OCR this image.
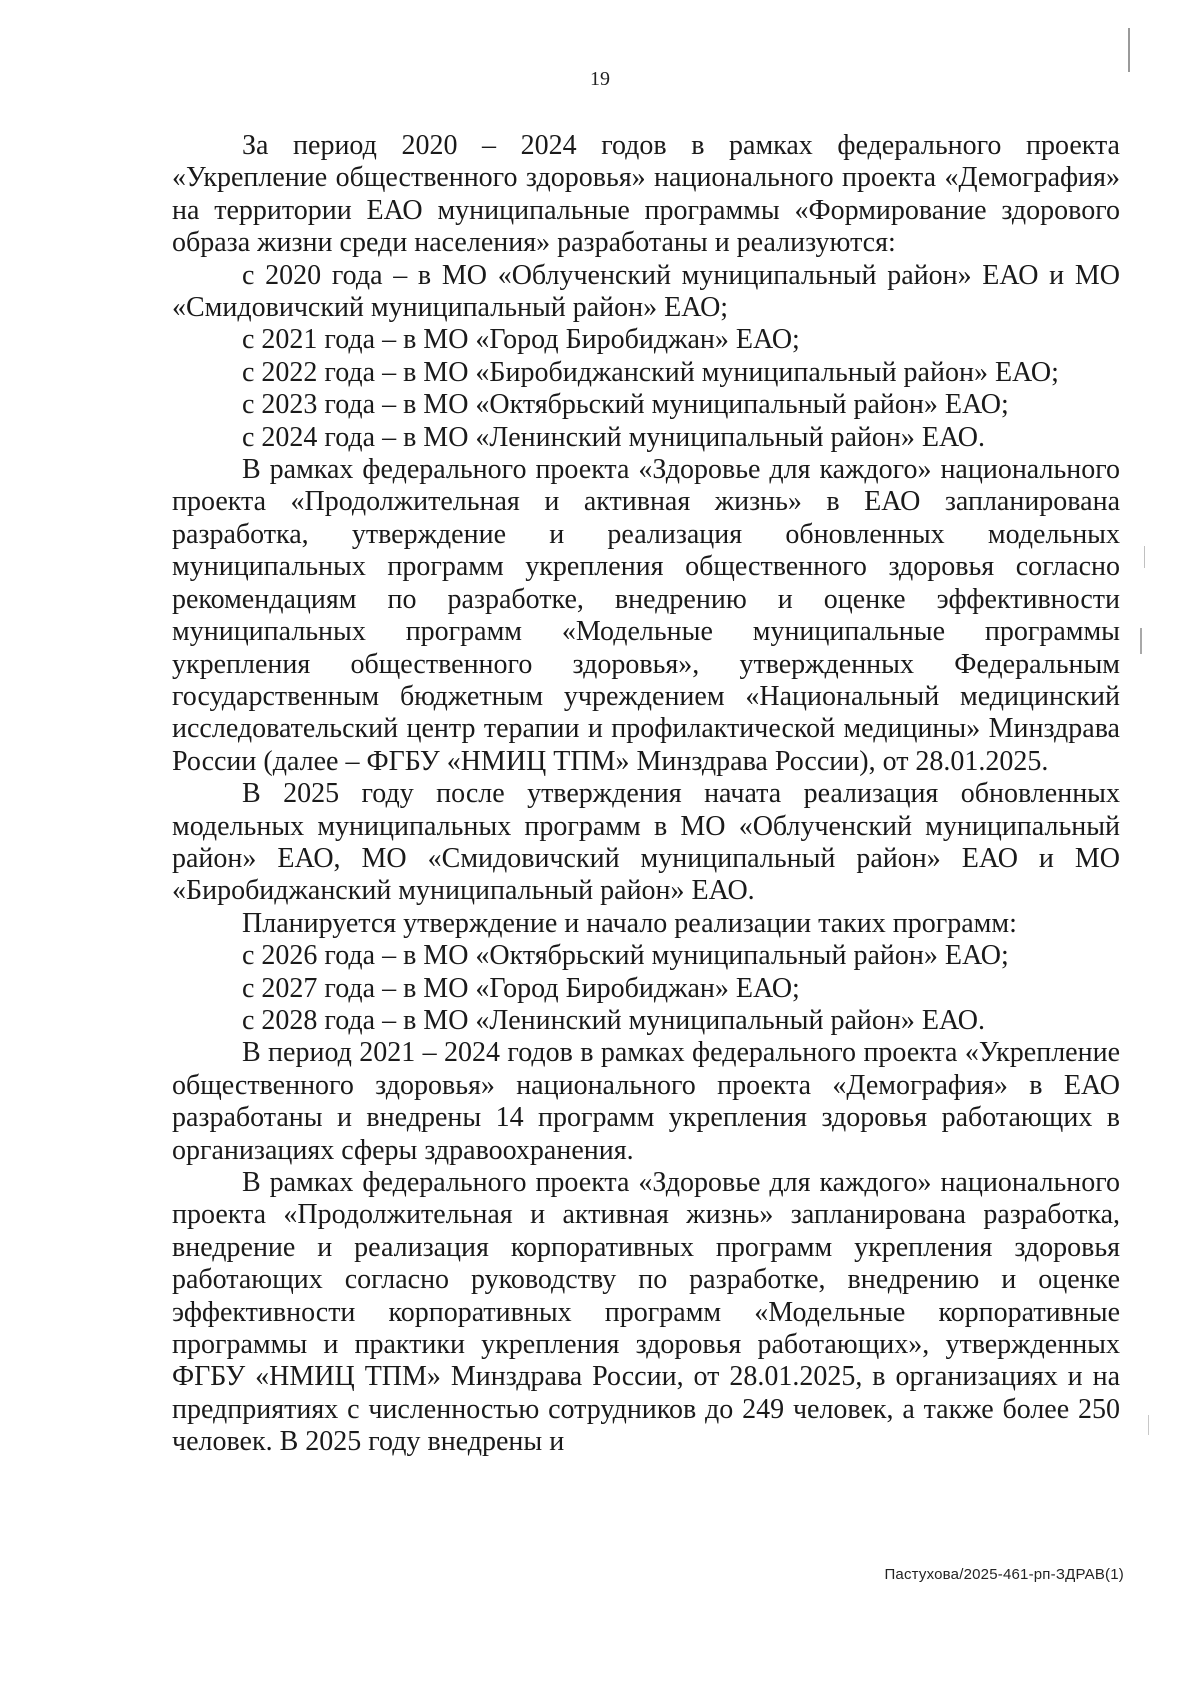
19

За период 2020 – 2024 годов в рамках федерального проекта «Укрепление общественного здоровья» национального проекта «Демография» на территории ЕАО муниципальные программы «Формирование здорового образа жизни среди населения» разработаны и реализуются:

с 2020 года – в МО «Облученский муниципальный район» ЕАО и МО «Смидовичский муниципальный район» ЕАО;

с 2021 года – в МО «Город Биробиджан» ЕАО;

с 2022 года – в МО «Биробиджанский муниципальный район» ЕАО;

с 2023 года – в МО «Октябрьский муниципальный район» ЕАО;

с 2024 года – в МО «Ленинский муниципальный район» ЕАО.

В рамках федерального проекта «Здоровье для каждого» национального проекта «Продолжительная и активная жизнь» в ЕАО запланирована разработка, утверждение и реализация обновленных модельных муниципальных программ укрепления общественного здоровья согласно рекомендациям по разработке, внедрению и оценке эффективности муниципальных программ «Модельные муниципальные программы укрепления общественного здоровья», утвержденных Федеральным государственным бюджетным учреждением «Национальный медицинский исследовательский центр терапии и профилактической медицины» Минздрава России (далее – ФГБУ «НМИЦ ТПМ» Минздрава России), от 28.01.2025.

В 2025 году после утверждения начата реализация обновленных модельных муниципальных программ в МО «Облученский муниципальный район» ЕАО, МО «Смидовичский муниципальный район» ЕАО и МО «Биробиджанский муниципальный район» ЕАО.

Планируется утверждение и начало реализации таких программ:

с 2026 года – в МО «Октябрьский муниципальный район» ЕАО;

с 2027 года – в МО «Город Биробиджан» ЕАО;

с 2028 года – в МО «Ленинский муниципальный район» ЕАО.

В период 2021 – 2024 годов в рамках федерального проекта «Укрепление общественного здоровья» национального проекта «Демография» в ЕАО разработаны и внедрены 14 программ укрепления здоровья работающих в организациях сферы здравоохранения.

В рамках федерального проекта «Здоровье для каждого» национального проекта «Продолжительная и активная жизнь» запланирована разработка, внедрение и реализация корпоративных программ укрепления здоровья работающих согласно руководству по разработке, внедрению и оценке эффективности корпоративных программ «Модельные корпоративные программы и практики укрепления здоровья работающих», утвержденных ФГБУ «НМИЦ ТПМ» Минздрава России, от 28.01.2025, в организациях и на предприятиях с численностью сотрудников до 249 человек, а также более 250 человек. В 2025 году внедрены и

Пастухова/2025-461-рп-ЗДРАВ(1)
